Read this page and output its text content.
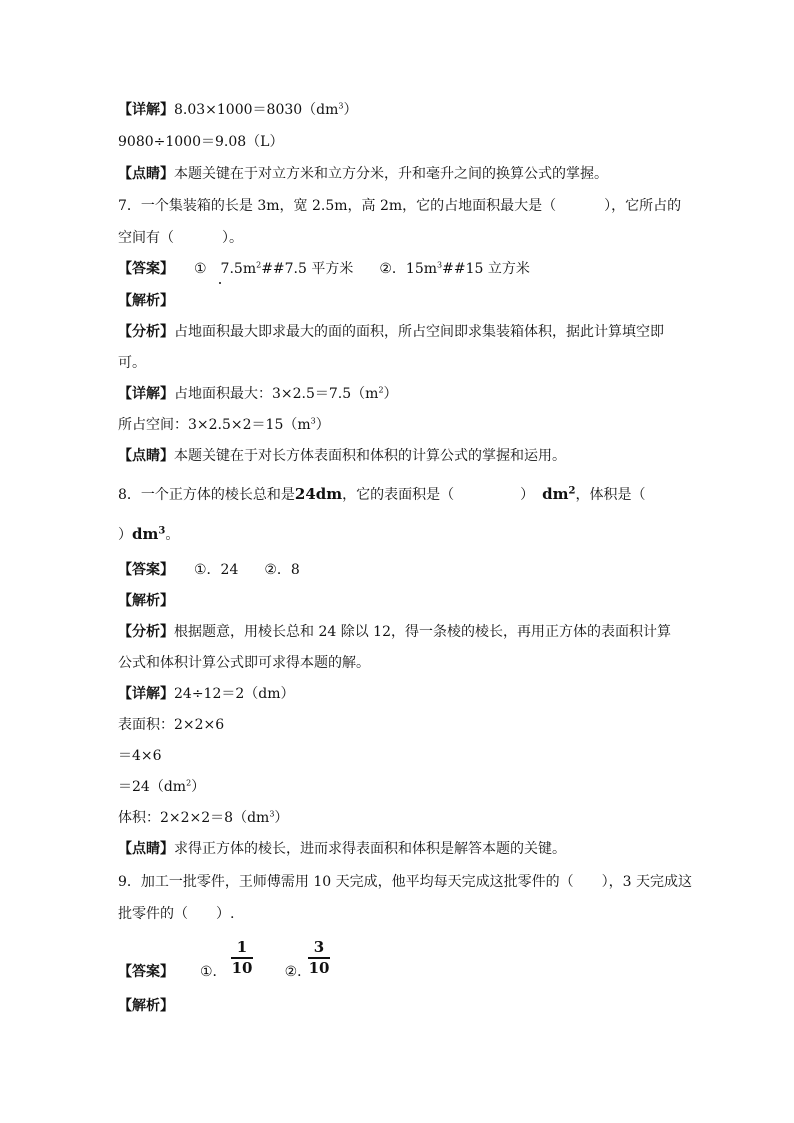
【详解】$8.03\times 1000=8030(dm^3)$
9080÷1000＝9.08（L）
【点睛】本题关键在于对立方米和立方分米，升和毫升之间的换算公式的掌握。
7．一个集装箱的长是 3m，宽 2.5m，高 2m，它的占地面积最大是（	），它所占的
空间有（	）。
【答案】 ①　$7.5m^2\#\#7.5$ 平方米 ②．$15m^3\#\#15$ 立方米
【解析】
【分析】占地面积最大即求最大的面的面积，所占空间即求集装箱体积，据此计算填空即
可。
【详解】占地面积最大：$3\times 2.5=7.5(m^2)$
所占空间：$3\times 2.5\times 2=15(m^3)$
【点睛】本题关键在于对长方体表面积和体积的计算公式的掌握和运用。
8．一个正方体的棱长总和是24dm，它的表面积是（	） $dm^2$，体积是（
）$dm^3$。
【答案】 ①．24 ②．8
【解析】
【分析】根据题意，用棱长总和 24 除以 12，得一条棱的棱长，再用正方体的表面积计算
公式和体积计算公式即可求得本题的解。
【详解】24÷12＝2（dm）
表面积：2×2×6
＝4×6
$=24(dm^2)$
体积：$2\times 2\times 2=8(dm^3)$
【点睛】求得正方体的棱长，进而求得表面积和体积是解答本题的关键。
9．加工一批零件，王师傅需用 10 天完成，他平均每天完成这批零件的（　　），3 天完成这
批零件的（　　）.
【答案】 ①．	②．
1
10
3
10
【解析】
